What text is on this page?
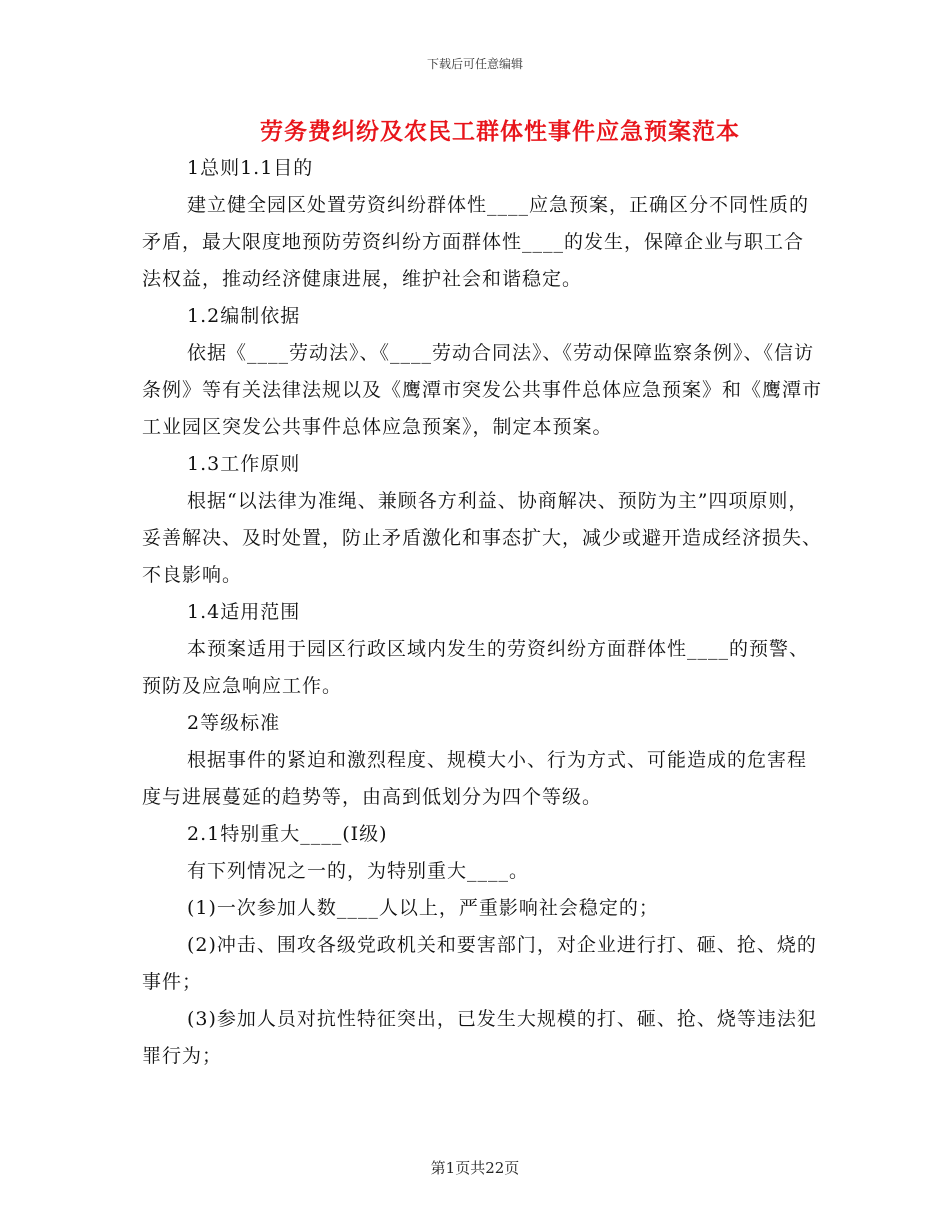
下载后可任意编辑
劳务费纠纷及农民工群体性事件应急预案范本

1总则1.1目的

建立健全园区处置劳资纠纷群体性____应急预案，正确区分不同性质的矛盾，最大限度地预防劳资纠纷方面群体性____的发生，保障企业与职工合法权益，推动经济健康进展，维护社会和谐稳定。

1.2编制依据

依据《____劳动法》、《____劳动合同法》、《劳动保障监察条例》、《信访条例》等有关法律法规以及《鹰潭市突发公共事件总体应急预案》和《鹰潭市工业园区突发公共事件总体应急预案》，制定本预案。

1.3工作原则

根据“以法律为准绳、兼顾各方利益、协商解决、预防为主”四项原则，妥善解决、及时处置，防止矛盾激化和事态扩大，减少或避开造成经济损失、不良影响。

1.4适用范围

本预案适用于园区行政区域内发生的劳资纠纷方面群体性____的预警、预防及应急响应工作。

2等级标准

根据事件的紧迫和激烈程度、规模大小、行为方式、可能造成的危害程度与进展蔓延的趋势等，由高到低划分为四个等级。

2.1特别重大____(Ⅰ级)

有下列情况之一的，为特别重大____。

(1)一次参加人数____人以上，严重影响社会稳定的；

(2)冲击、围攻各级党政机关和要害部门，对企业进行打、砸、抢、烧的事件；

(3)参加人员对抗性特征突出，已发生大规模的打、砸、抢、烧等违法犯罪行为；

第1页共22页
